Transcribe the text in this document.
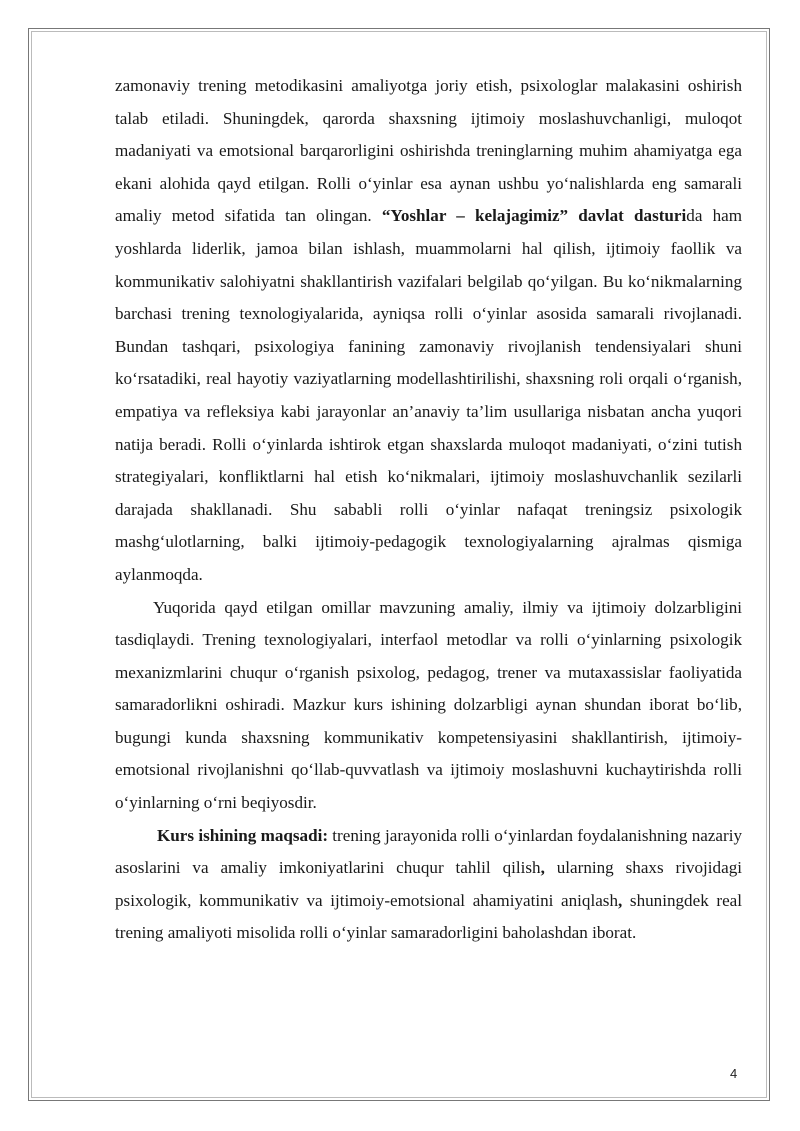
zamonaviy trening metodikasini amaliyotga joriy etish, psixologlar malakasini oshirish talab etiladi. Shuningdek, qarorda shaxsning ijtimoiy moslashuvchanligi, muloqot madaniyati va emotsional barqarorligini oshirishda treninglarning muhim ahamiyatga ega ekani alohida qayd etilgan. Rolli o‘yinlar esa aynan ushbu yo‘nalishlarda eng samarali amaliy metod sifatida tan olingan. “Yoshlar – kelajagimiz” davlat dasturida ham yoshlarda liderlik, jamoa bilan ishlash, muammolarni hal qilish, ijtimoiy faollik va kommunikativ salohiyatni shakllantirish vazifalari belgilab qo‘yilgan. Bu ko‘nikmalarning barchasi trening texnologiyalarida, ayniqsa rolli o‘yinlar asosida samarali rivojlanadi. Bundan tashqari, psixologiya fanining zamonaviy rivojlanish tendensiyalari shuni ko‘rsatadiki, real hayotiy vaziyatlarning modellashtirilishi, shaxsning roli orqali o‘rganish, empatiya va refleksiya kabi jarayonlar an’anaviy ta’lim usullariga nisbatan ancha yuqori natija beradi. Rolli o‘yinlarda ishtirok etgan shaxslarda muloqot madaniyati, o‘zini tutish strategiyalari, konfliktlarni hal etish ko‘nikmalari, ijtimoiy moslashuvchanlik sezilarli darajada shakllanadi. Shu sababli rolli o‘yinlar nafaqat treningsiz psixologik mashg‘ulotlarning, balki ijtimoiy-pedagogik texnologiyalarning ajralmas qismiga aylanmoqda.

Yuqorida qayd etilgan omillar mavzuning amaliy, ilmiy va ijtimoiy dolzarbligini tasdiqlaydi. Trening texnologiyalari, interfaol metodlar va rolli o‘yinlarning psixologik mexanizmlarini chuqur o‘rganish psixolog, pedagog, trener va mutaxassislar faoliyatida samaradorlikni oshiradi. Mazkur kurs ishining dolzarbligi aynan shundan iborat bo‘lib, bugungi kunda shaxsning kommunikativ kompetensiyasini shakllantirish, ijtimoiy-emotsional rivojlanishni qo‘llab-quvvatlash va ijtimoiy moslashuvni kuchaytirishda rolli o‘yinlarning o‘rni beqiyosdir.

Kurs ishining maqsadi: trening jarayonida rolli o‘yinlardan foydalanishning nazariy asoslarini va amaliy imkoniyatlarini chuqur tahlil qilish, ularning shaxs rivojidagi psixologik, kommunikativ va ijtimoiy-emotsional ahamiyatini aniqlash, shuningdek real trening amaliyoti misolida rolli o‘yinlar samaradorligini baholashdan iborat.

4
